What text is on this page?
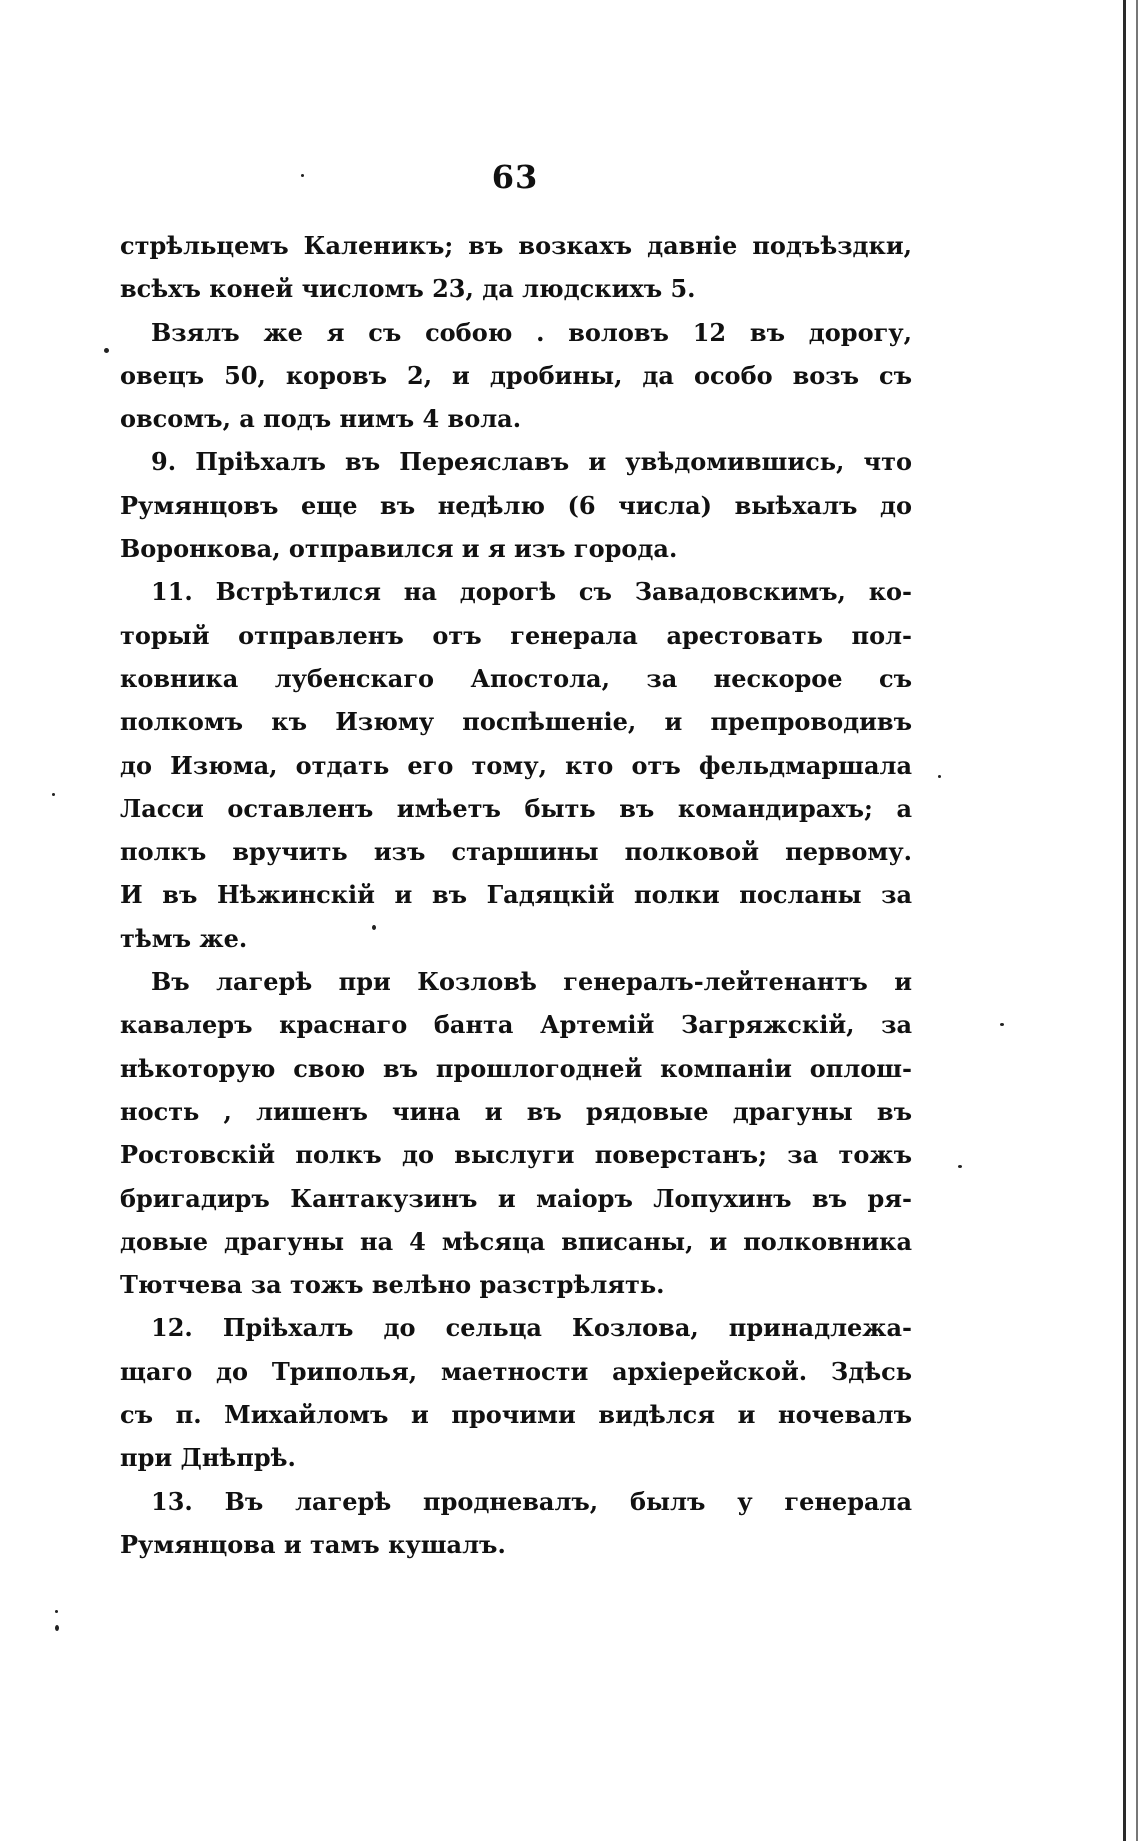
63
стрѣльцемъ Каленикъ; въ возкахъ давніе подъѣздки,
всѣхъ коней числомъ 23, да людскихъ 5.
Взялъ же я съ собою . воловъ 12 въ дорогу,
овецъ 50, коровъ 2, и дробины, да особо возъ съ
овсомъ, а подъ нимъ 4 вола.
9. Пріѣхалъ въ Переяславъ и увѣдомившись, что
Румянцовъ еще въ недѣлю (6 числа) выѣхалъ до
Воронкова, отправился и я изъ города.
11. Встрѣтился на дорогѣ съ Завадовскимъ, ко-
торый отправленъ отъ генерала арестовать пол-
ковника лубенскаго Апостола, за нескорое съ
полкомъ къ Изюму поспѣшеніе, и препроводивъ
до Изюма, отдать его тому, кто отъ фельдмаршала
Ласси оставленъ имѣетъ быть въ командирахъ; а
полкъ вручить изъ старшины полковой первому.
И въ Нѣжинскій и въ Гадяцкій полки посланы за
тѣмъ же.
Въ лагерѣ при Козловѣ генералъ-лейтенантъ и
кавалеръ краснаго банта Артемій Загряжскій, за
нѣкоторую свою въ прошлогодней компаніи оплош-
ность , лишенъ чина и въ рядовые драгуны въ
Ростовскій полкъ до выслуги поверстанъ; за тожъ
бригадиръ Кантакузинъ и маіоръ Лопухинъ въ ря-
довые драгуны на 4 мѣсяца вписаны, и полковника
Тютчева за тожъ велѣно разстрѣлять.
12. Пріѣхалъ до сельца Козлова, принадлежа-
щаго до Триполья, маетности архіерейской. Здѣсь
съ п. Михайломъ и прочими видѣлся и ночевалъ
при Днѣпрѣ.
13. Въ лагерѣ продневалъ, былъ у генерала
Румянцова и тамъ кушалъ.
